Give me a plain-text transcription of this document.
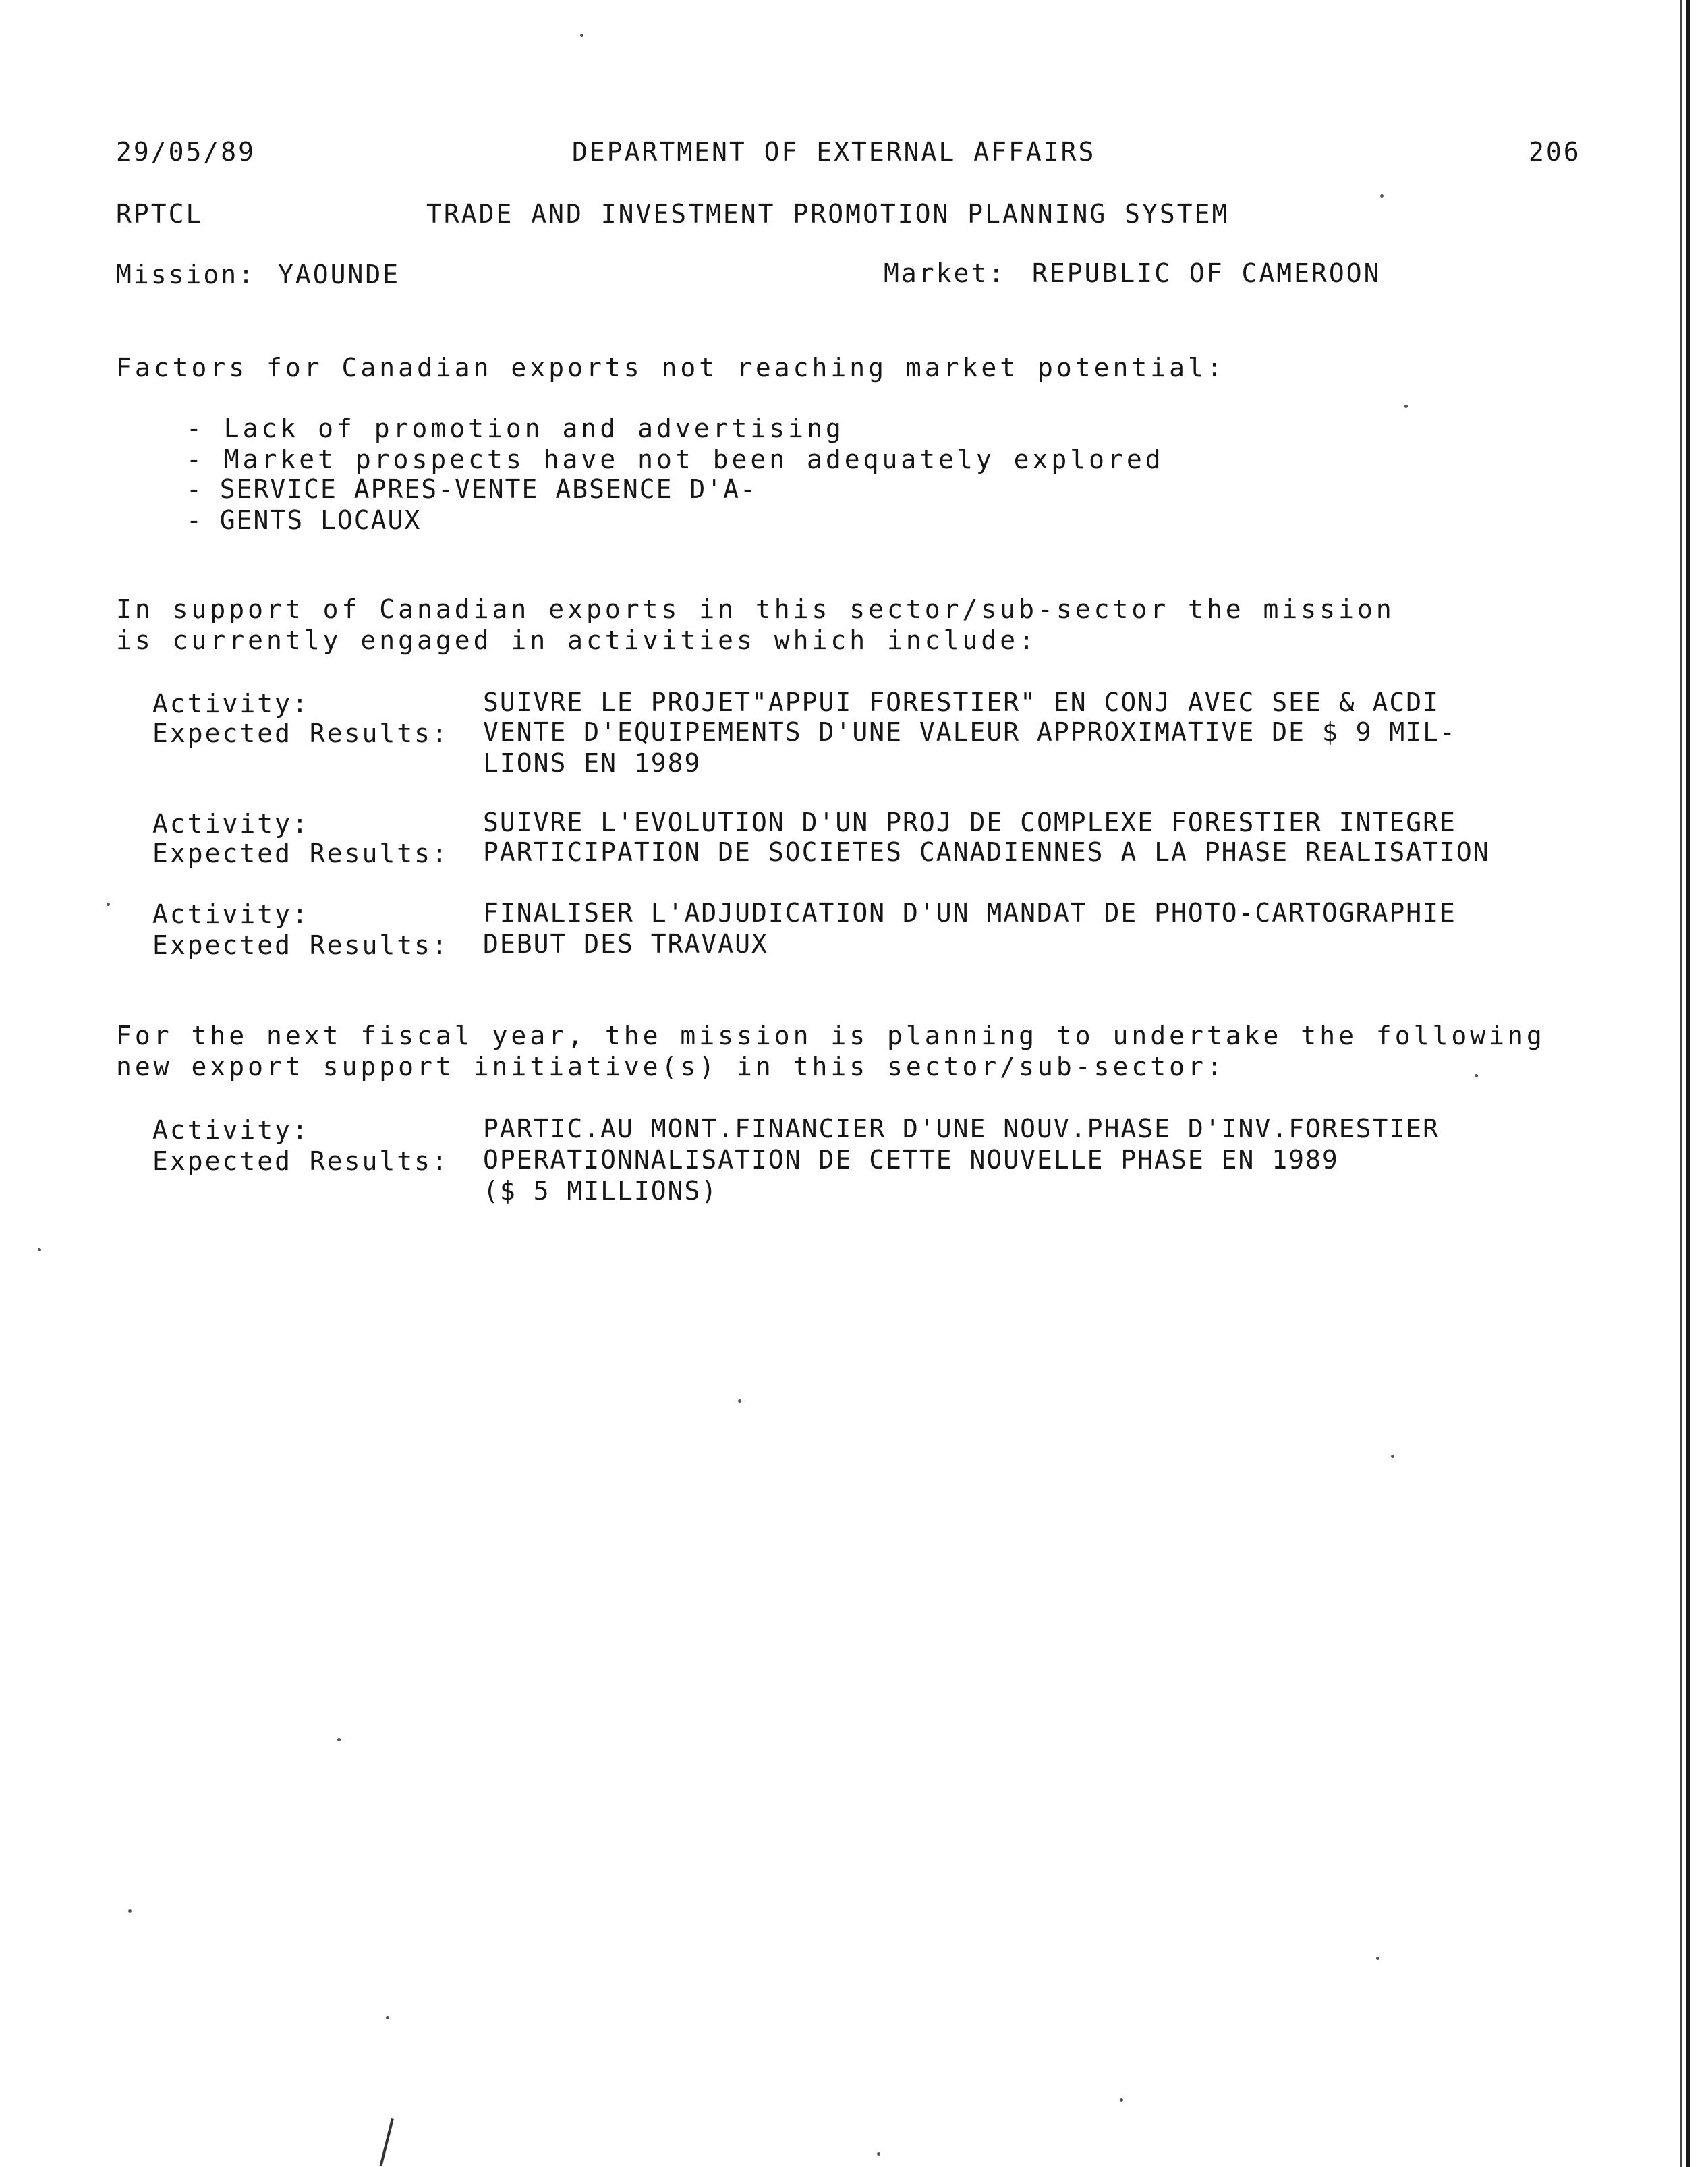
29/05/89	DEPARTMENT OF EXTERNAL AFFAIRS	206
RPTCL	TRADE AND INVESTMENT PROMOTION PLANNING SYSTEM
Mission: YAOUNDE	Market: REPUBLIC OF CAMEROON
Factors for Canadian exports not reaching market potential:
- Lack of promotion and advertising
- Market prospects have not been adequately explored
- SERVICE APRES-VENTE ABSENCE D'A-
- GENTS LOCAUX
In support of Canadian exports in this sector/sub-sector the mission
is currently engaged in activities which include:
Activity:	SUIVRE LE PROJET"APPUI FORESTIER" EN CONJ AVEC SEE & ACDI
Expected Results: VENTE D'EQUIPEMENTS D'UNE VALEUR APPROXIMATIVE DE $ 9 MIL-
LIONS EN 1989
Activity:	SUIVRE L'EVOLUTION D'UN PROJ DE COMPLEXE FORESTIER INTEGRE
Expected Results: PARTICIPATION DE SOCIETES CANADIENNES A LA PHASE REALISATION
Activity:	FINALISER L'ADJUDICATION D'UN MANDAT DE PHOTO-CARTOGRAPHIE
Expected Results: DEBUT DES TRAVAUX
For the next fiscal year, the mission is planning to undertake the following
new export support initiative(s) in this sector/sub-sector:
Activity:	PARTIC.AU MONT.FINANCIER D'UNE NOUV.PHASE D'INV.FORESTIER
Expected Results: OPERATIONNALISATION DE CETTE NOUVELLE PHASE EN 1989
($ 5 MILLIONS)
